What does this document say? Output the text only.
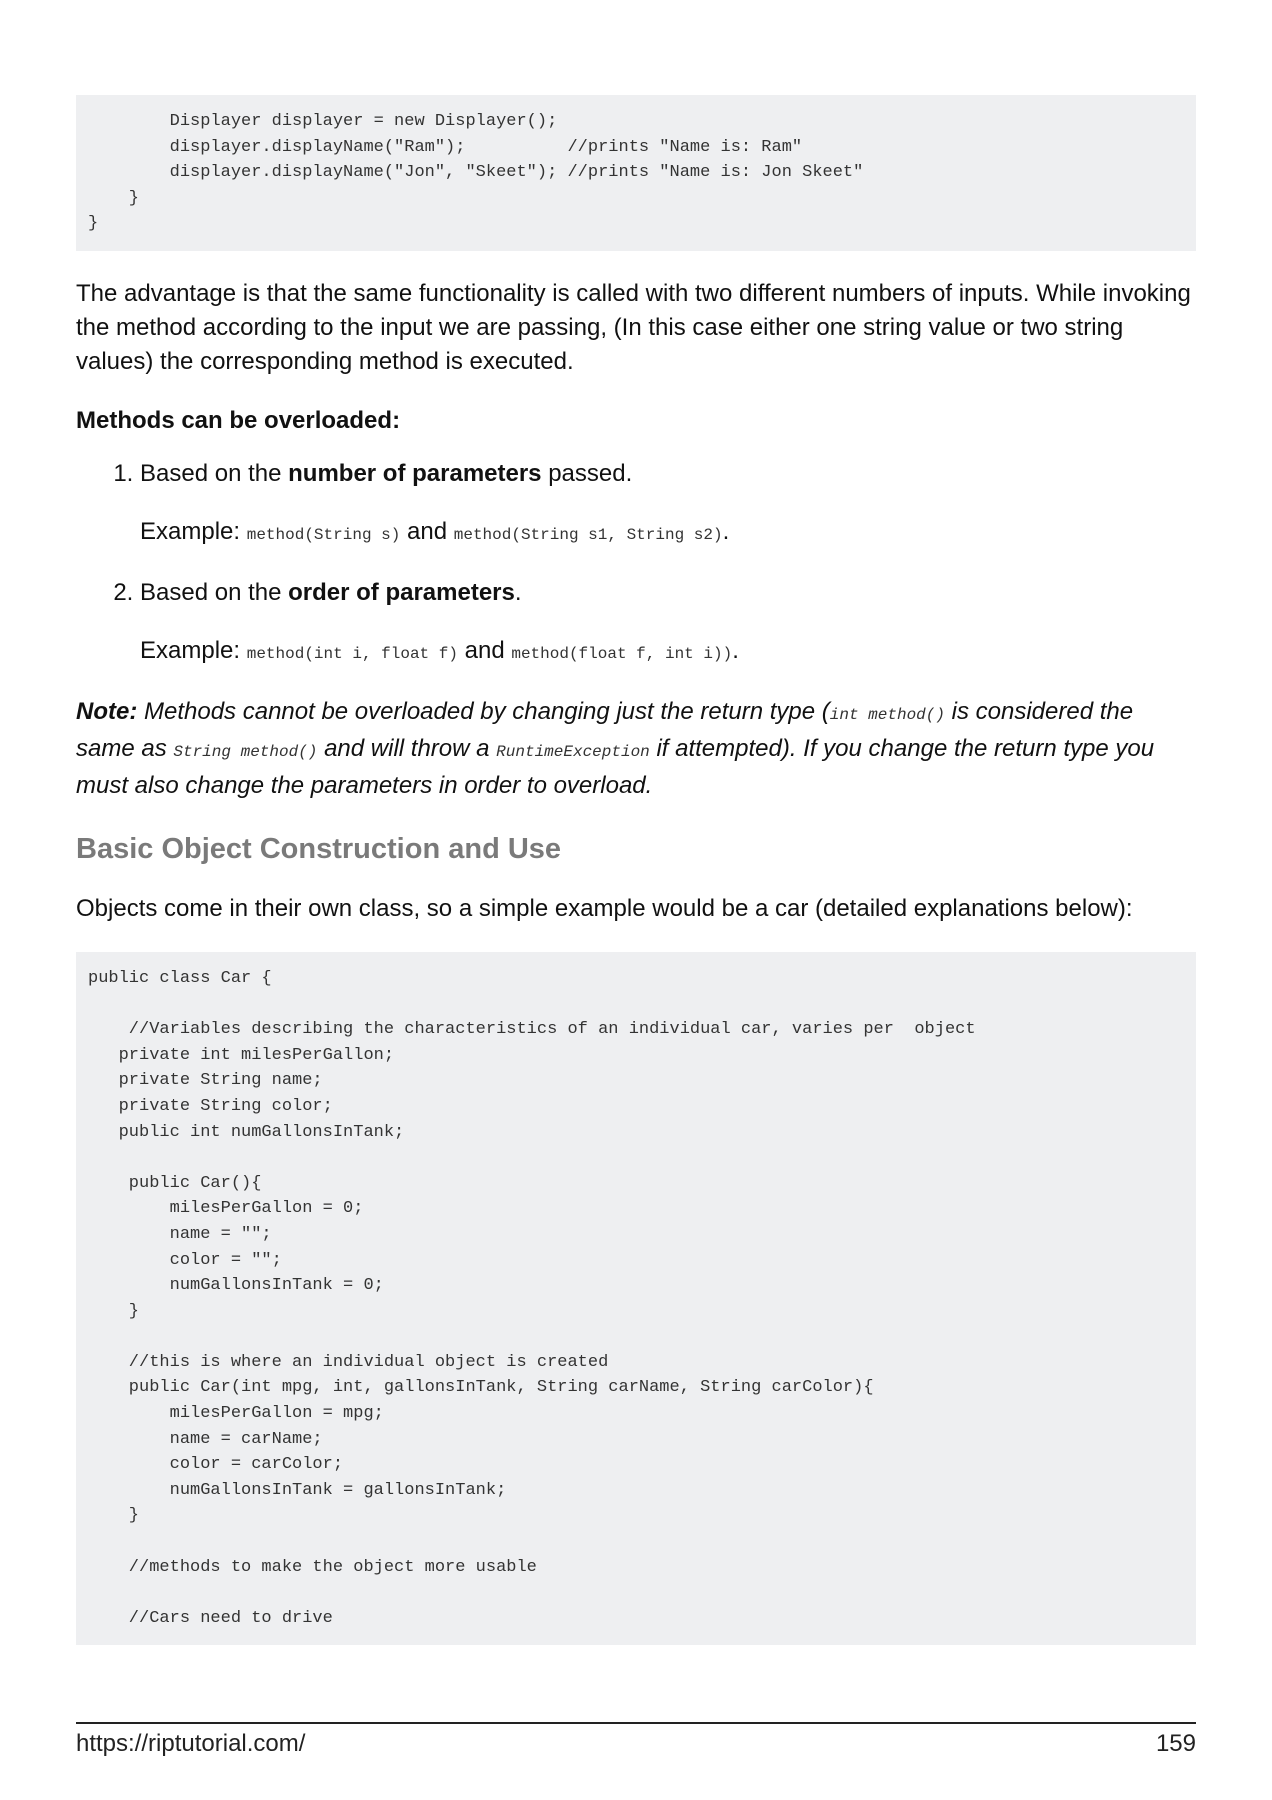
Displayer displayer = new Displayer();
displayer.displayName("Ram");          //prints "Name is: Ram"
displayer.displayName("Jon", "Skeet"); //prints "Name is: Jon Skeet"
}
}

The advantage is that the same functionality is called with two different numbers of inputs. While invoking the method according to the input we are passing, (In this case either one string value or two string values) the corresponding method is executed.

Methods can be overloaded:
1. Based on the number of parameters passed.
Example: method(String s) and method(String s1, String s2).
2. Based on the order of parameters.
Example: method(int i, float f) and method(float f, int i)).

Note: Methods cannot be overloaded by changing just the return type (int method() is considered the same as String method() and will throw a RuntimeException if attempted). If you change the return type you must also change the parameters in order to overload.

Basic Object Construction and Use

Objects come in their own class, so a simple example would be a car (detailed explanations below):

public class Car {

//Variables describing the characteristics of an individual car, varies per  object
private int milesPerGallon;
private String name;
private String color;
public int numGallonsInTank;

public Car(){
milesPerGallon = 0;
name = "";
color = "";
numGallonsInTank = 0;
}

//this is where an individual object is created
public Car(int mpg, int, gallonsInTank, String carName, String carColor){
milesPerGallon = mpg;
name = carName;
color = carColor;
numGallonsInTank = gallonsInTank;
}

//methods to make the object more usable

//Cars need to drive
https://riptutorial.com/	159
